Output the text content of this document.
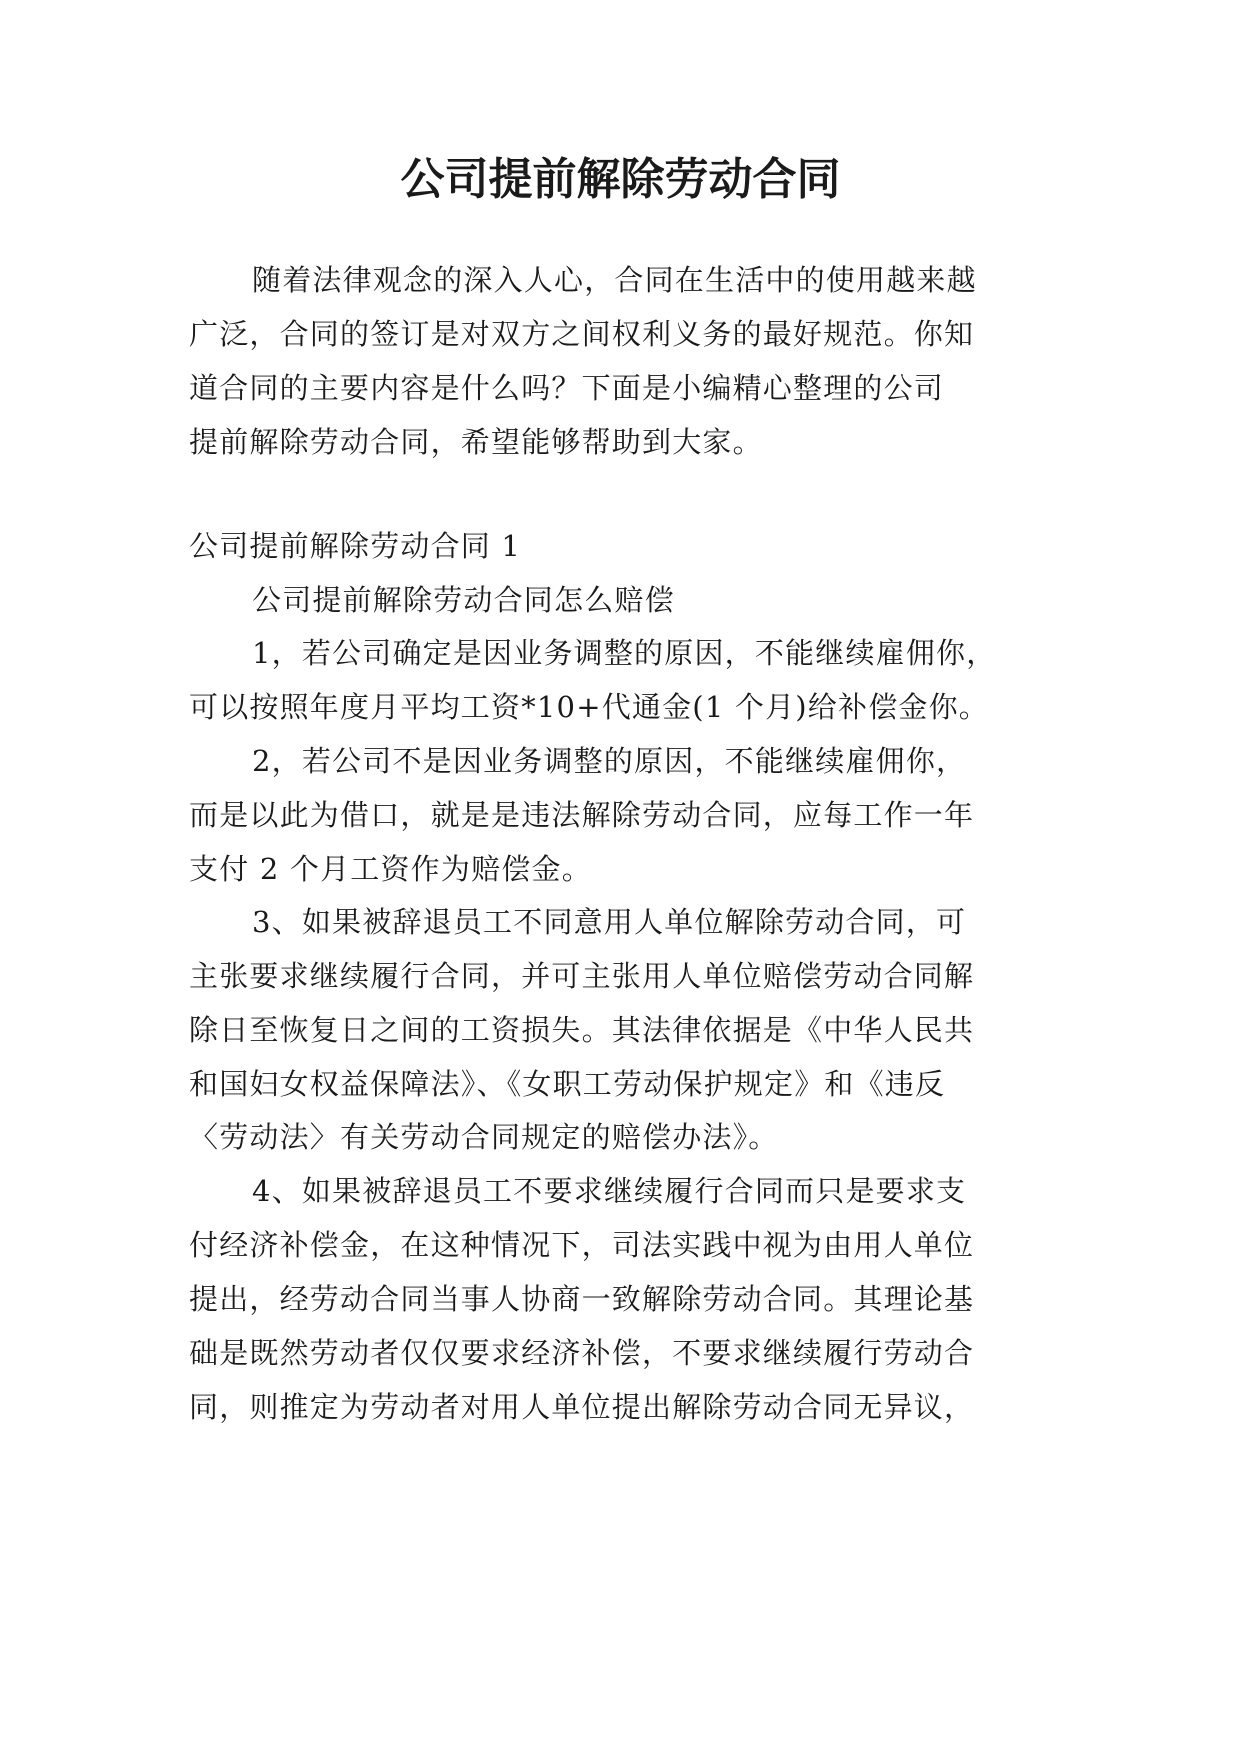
公司提前解除劳动合同
随着法律观念的深入人心，合同在生活中的使用越来越
广泛，合同的签订是对双方之间权利义务的最好规范。你知
道合同的主要内容是什么吗？下面是小编精心整理的公司
提前解除劳动合同，希望能够帮助到大家。
公司提前解除劳动合同 1
公司提前解除劳动合同怎么赔偿
1，若公司确定是因业务调整的原因，不能继续雇佣你，
可以按照年度月平均工资*10+代通金(1 个月)给补偿金你。
2，若公司不是因业务调整的原因，不能继续雇佣你，
而是以此为借口，就是是违法解除劳动合同，应每工作一年
支付 2 个月工资作为赔偿金。
3、如果被辞退员工不同意用人单位解除劳动合同，可
主张要求继续履行合同，并可主张用人单位赔偿劳动合同解
除日至恢复日之间的工资损失。其法律依据是《中华人民共
和国妇女权益保障法》、《女职工劳动保护规定》和《违反
〈劳动法〉有关劳动合同规定的赔偿办法》。
4、如果被辞退员工不要求继续履行合同而只是要求支
付经济补偿金，在这种情况下，司法实践中视为由用人单位
提出，经劳动合同当事人协商一致解除劳动合同。其理论基
础是既然劳动者仅仅要求经济补偿，不要求继续履行劳动合
同，则推定为劳动者对用人单位提出解除劳动合同无异议，
